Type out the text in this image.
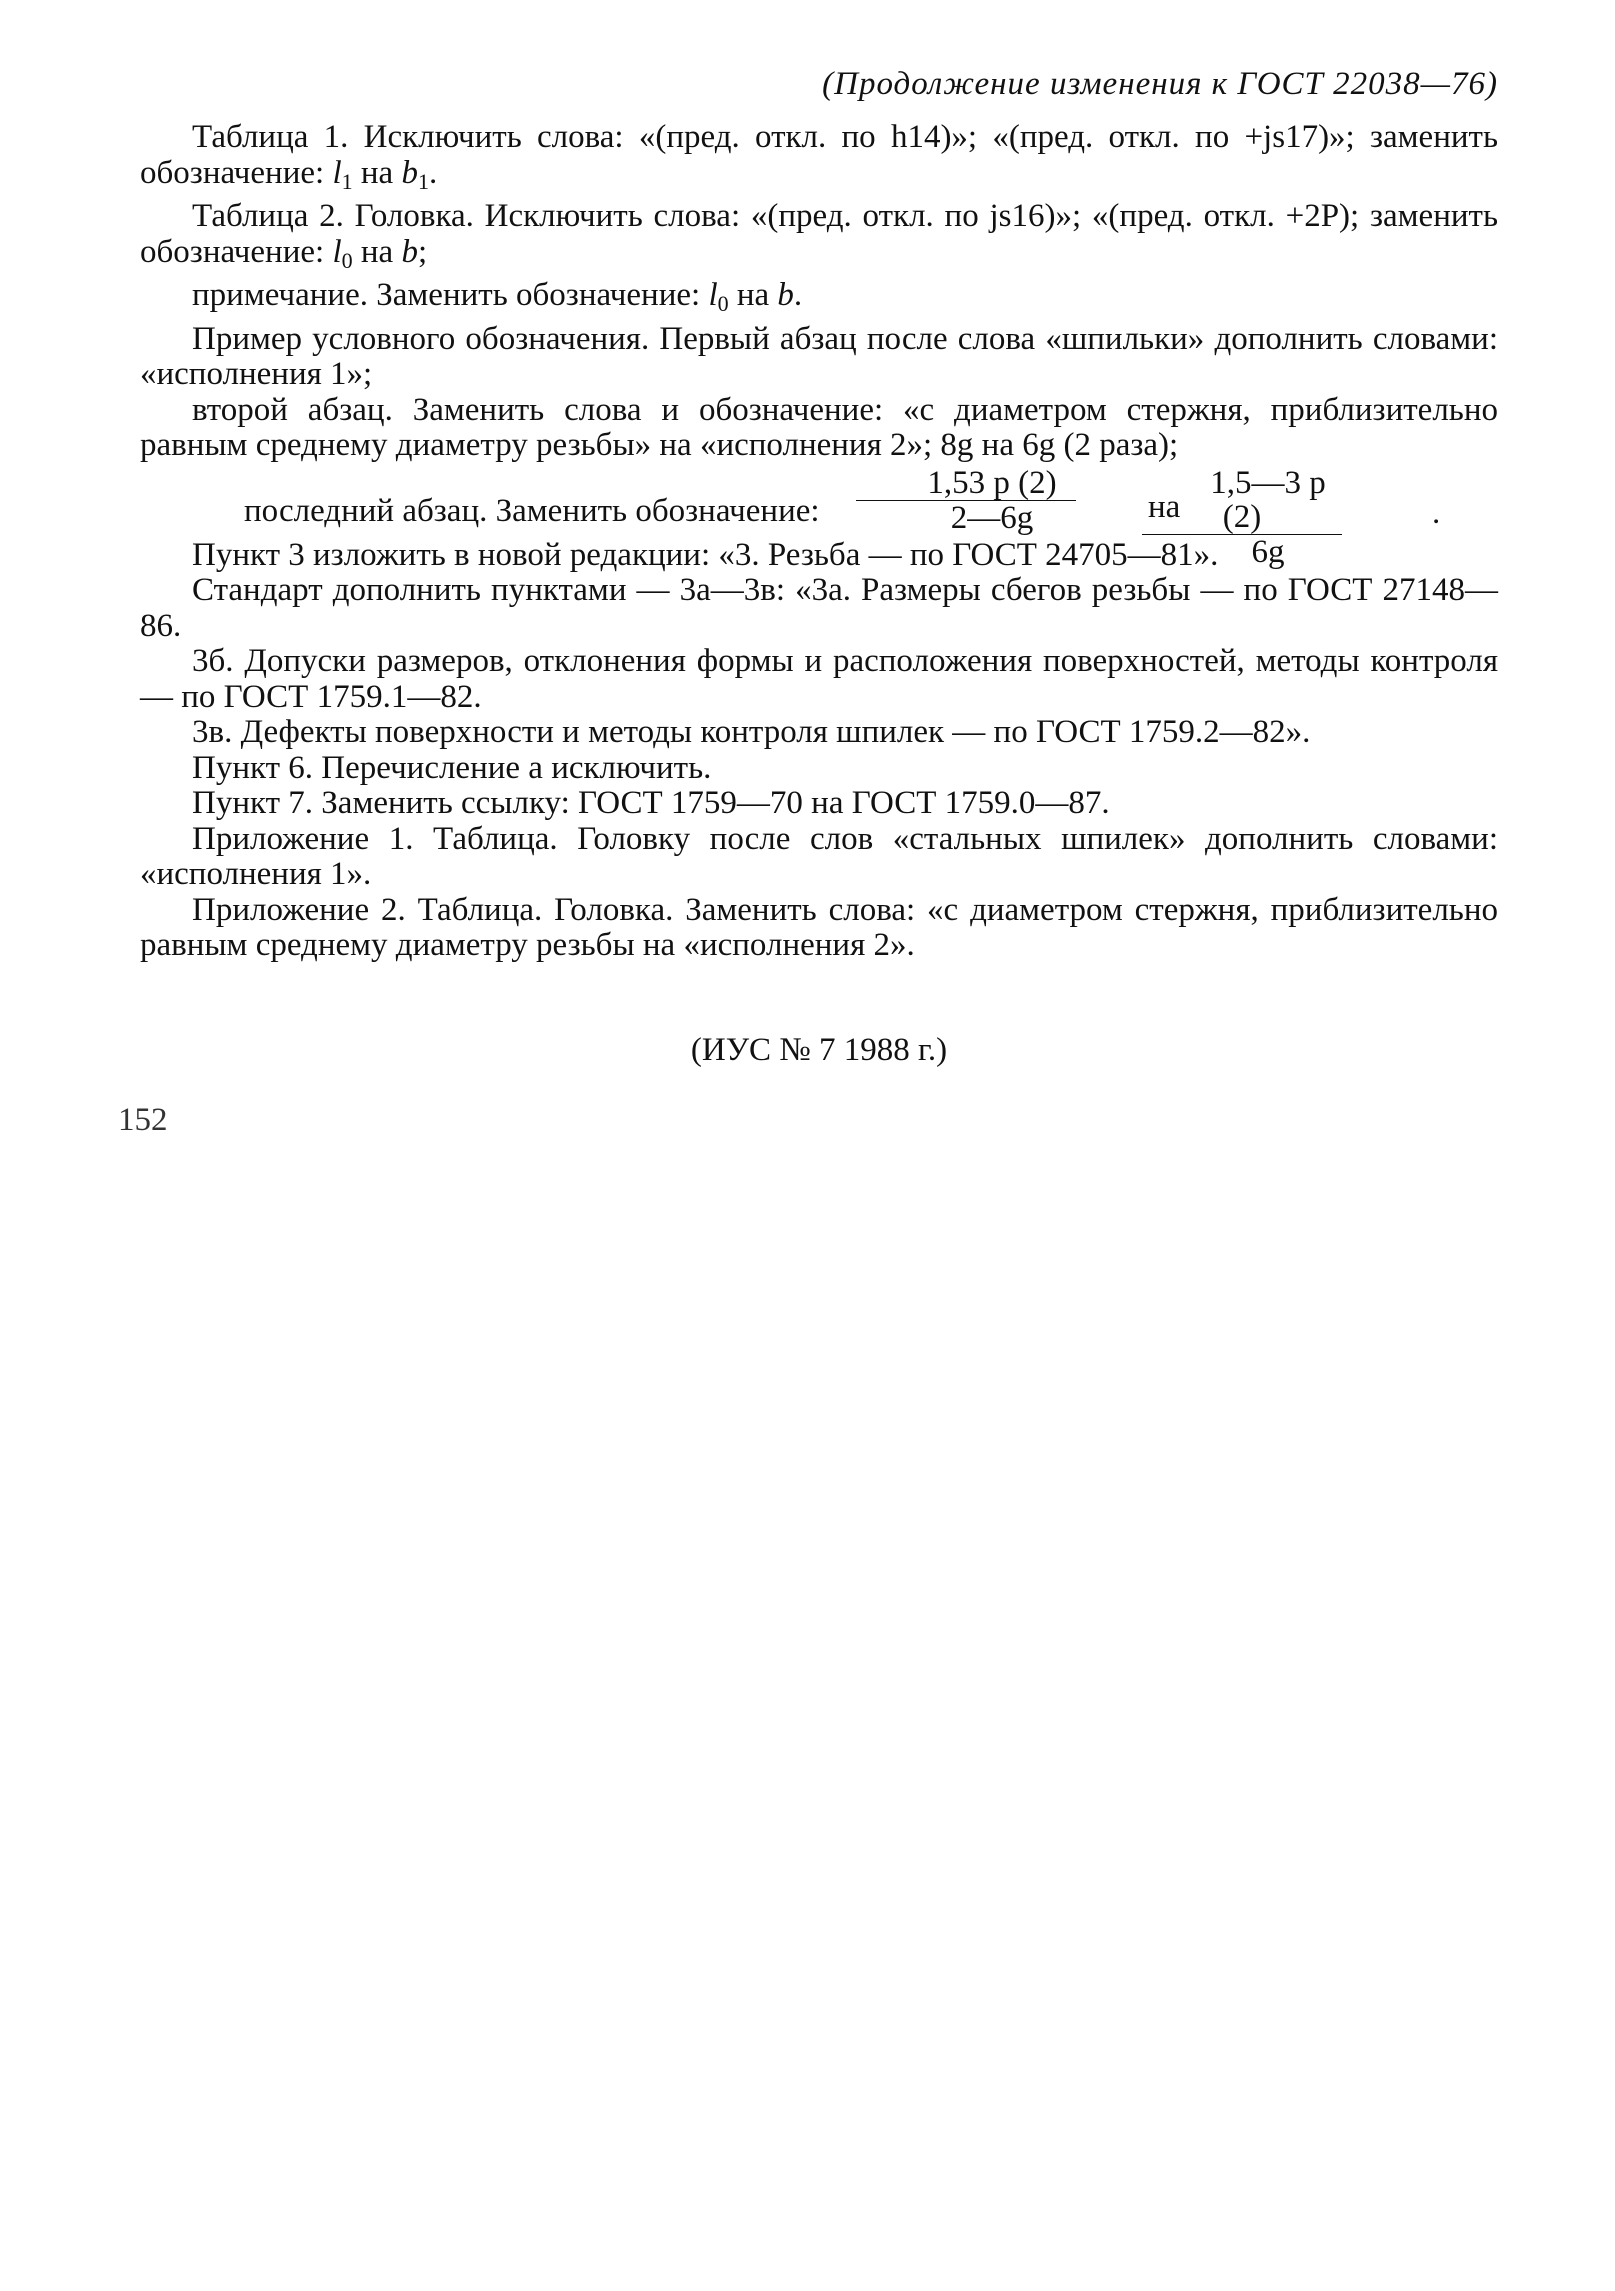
(Продолжение изменения к ГОСТ 22038—76)

Таблица 1. Исключить слова: «(пред. откл. по h14)»; «(пред. откл. по +js17)»; заменить обозначение: $l_1$ на $b_1$.

Таблица 2. Головка. Исключить слова: «(пред. откл. по js16)»; «(пред. откл. +2P); заменить обозначение: $l_0$ на b;

примечание. Заменить обозначение: $l_0$ на b.

Пример условного обозначения. Первый абзац после слова «шпильки» дополнить словами: «исполнения 1»;

второй абзац. Заменить слова и обозначение: «с диаметром стержня, приблизительно равным среднему диаметру резьбы» на «исполнения 2»; 8g на 6g (2 раза);

последний абзац. Заменить обозначение: $\frac{1,53 p (2)}{2—6g}$	на
$\frac{1,5—3 p (2)}{6g}$	.

Пункт 3 изложить в новой редакции: «3. Резьба — по ГОСТ 24705—81».

Стандарт дополнить пунктами — 3а—3в: «3а. Размеры сбегов резьбы — по ГОСТ 27148—86.

3б. Допуски размеров, отклонения формы и расположения поверхностей, методы контроля — по ГОСТ 1759.1—82.

3в. Дефекты поверхности и методы контроля шпилек — по ГОСТ 1759.2—82».

Пункт 6. Перечисление а исключить.

Пункт 7. Заменить ссылку: ГОСТ 1759—70 на ГОСТ 1759.0—87.

Приложение 1. Таблица. Головку после слов «стальных шпилек» дополнить словами: «исполнения 1».

Приложение 2. Таблица. Головка. Заменить слова: «с диаметром стержня, приблизительно равным среднему диаметру резьбы на «исполнения 2».

(ИУС № 7 1988 г.)
152
